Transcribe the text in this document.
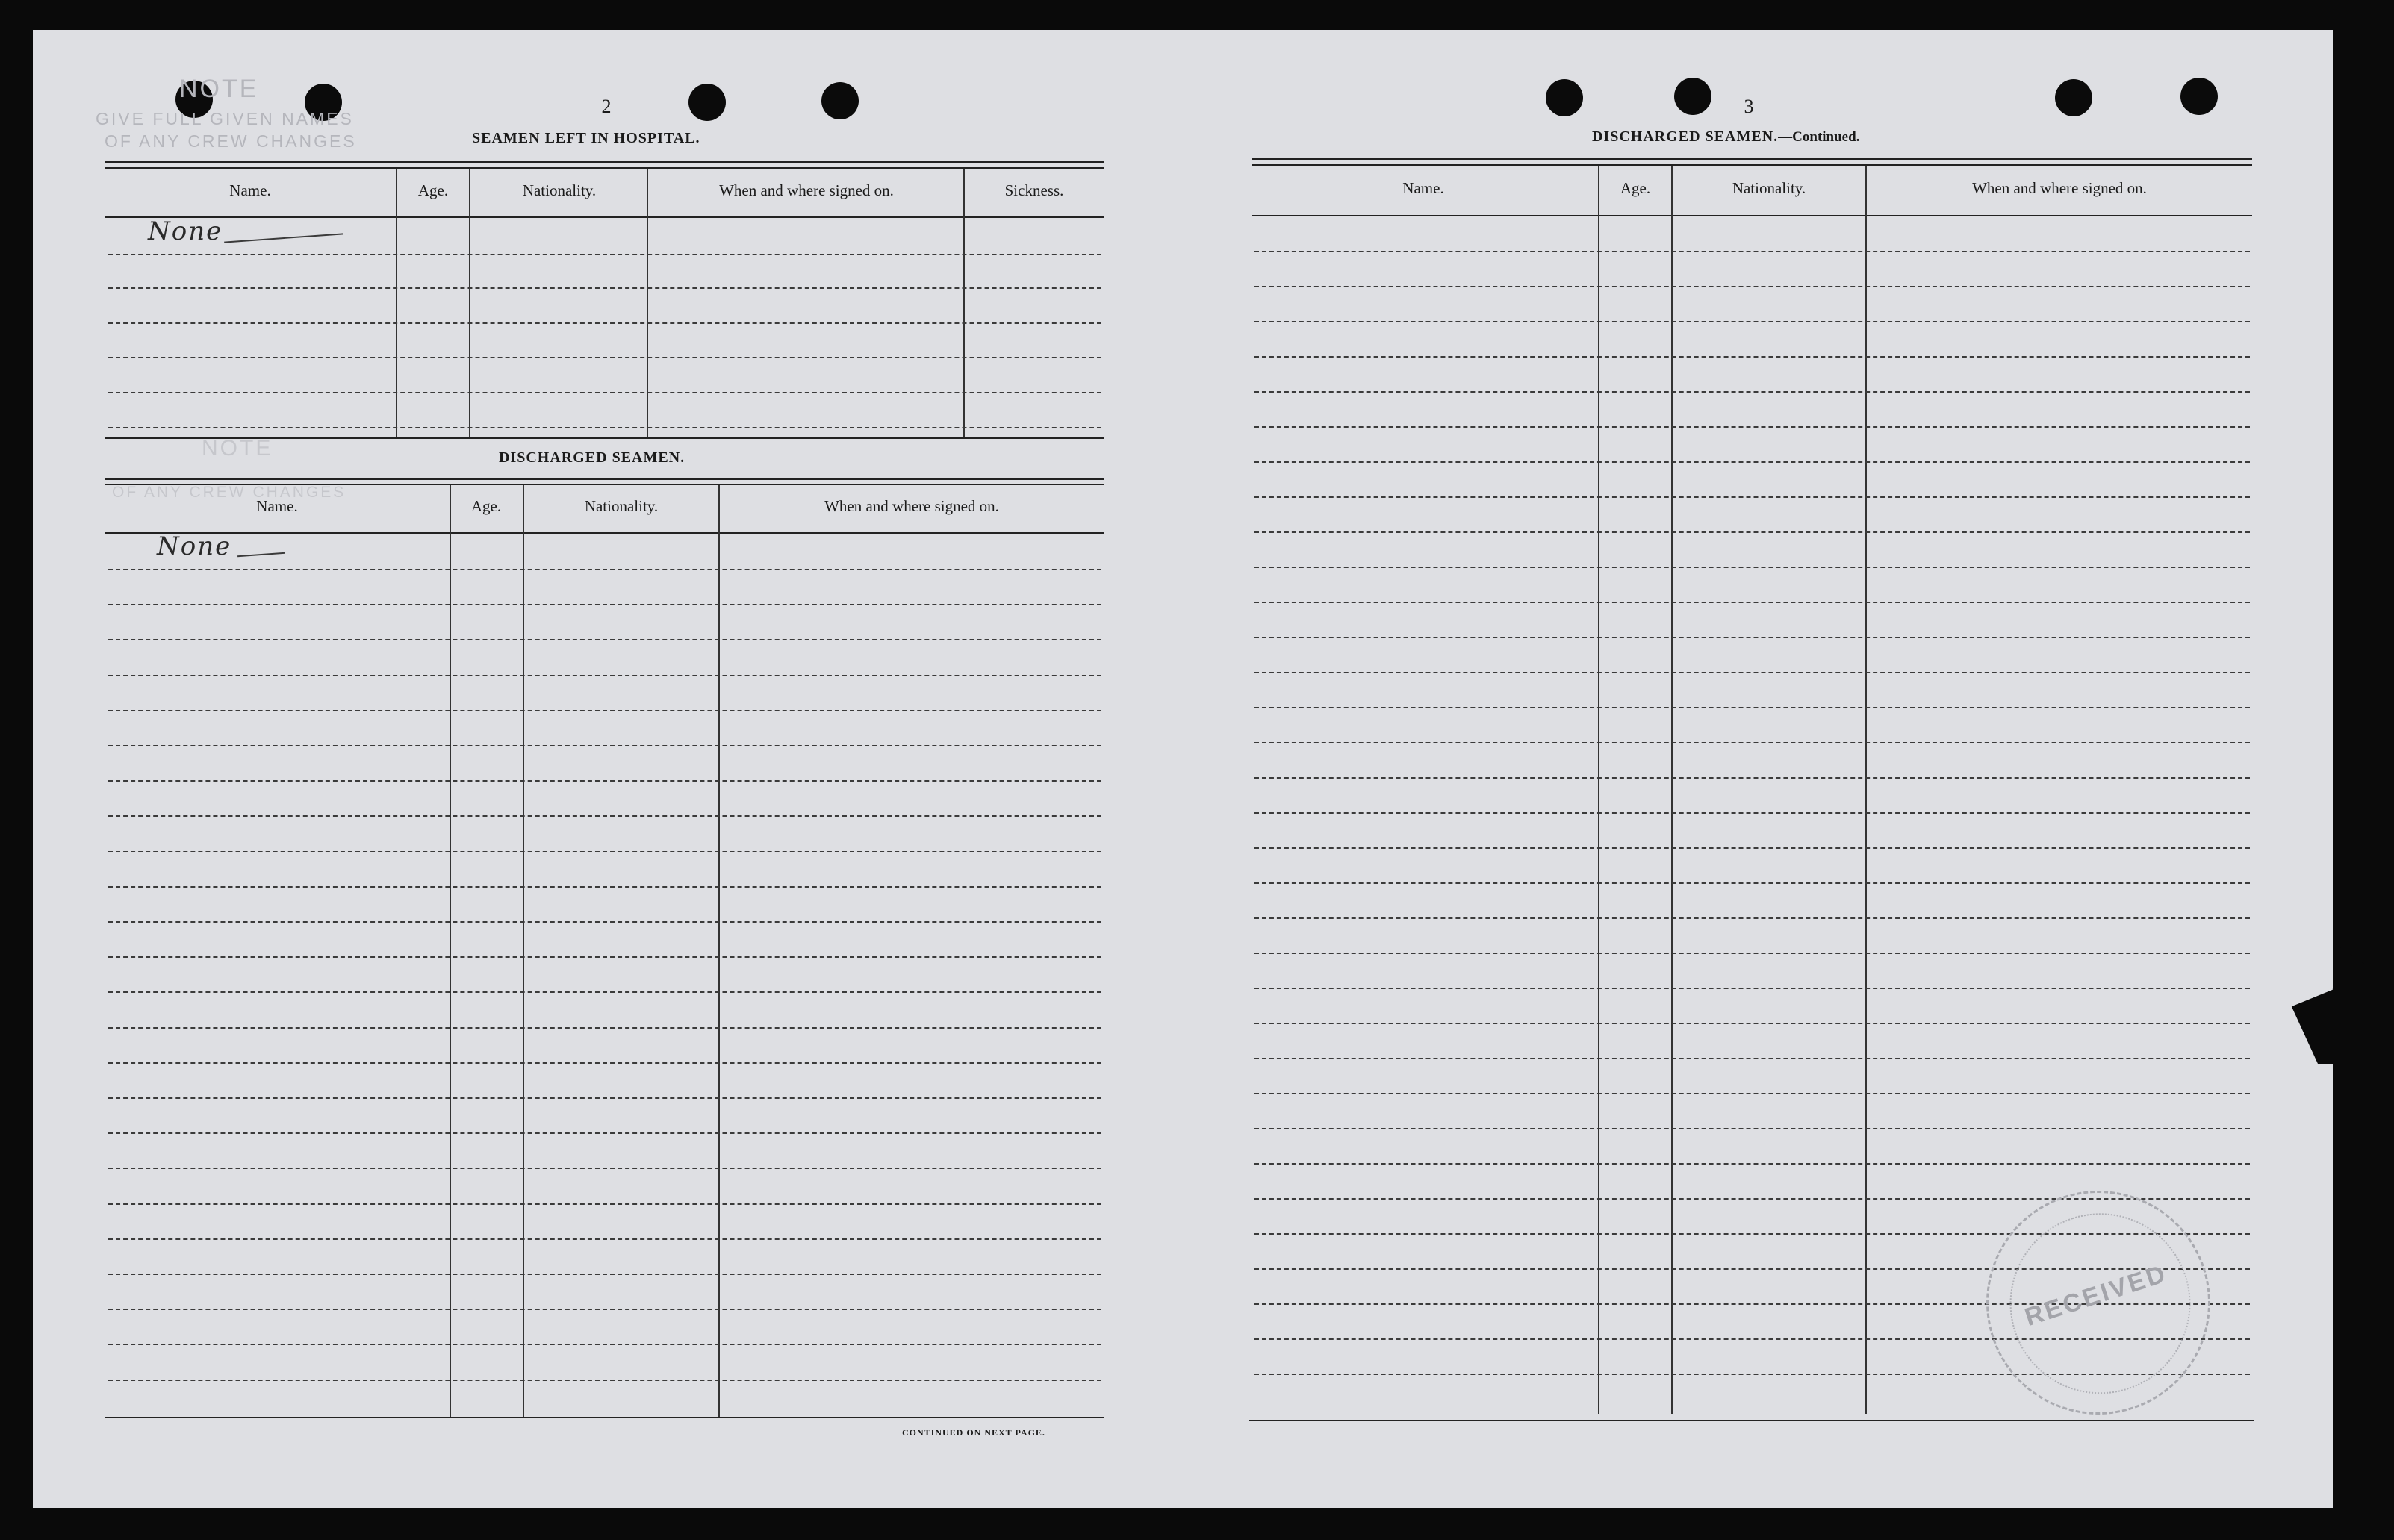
NOTE
GIVE FULL GIVEN NAMES
OF ANY CREW CHANGES
NOTE
OF ANY CREW CHANGES
2
SEAMEN LEFT IN HOSPITAL.
Name.	Age.	Nationality.	When and where signed on.	Sickness.
None
DISCHARGED SEAMEN.
Name.	Age.	Nationality.	When and where signed on.
None
CONTINUED ON NEXT PAGE.
3
DISCHARGED SEAMEN.—Continued.
Name.	Age.	Nationality.	When and where signed on.
RECEIVED
